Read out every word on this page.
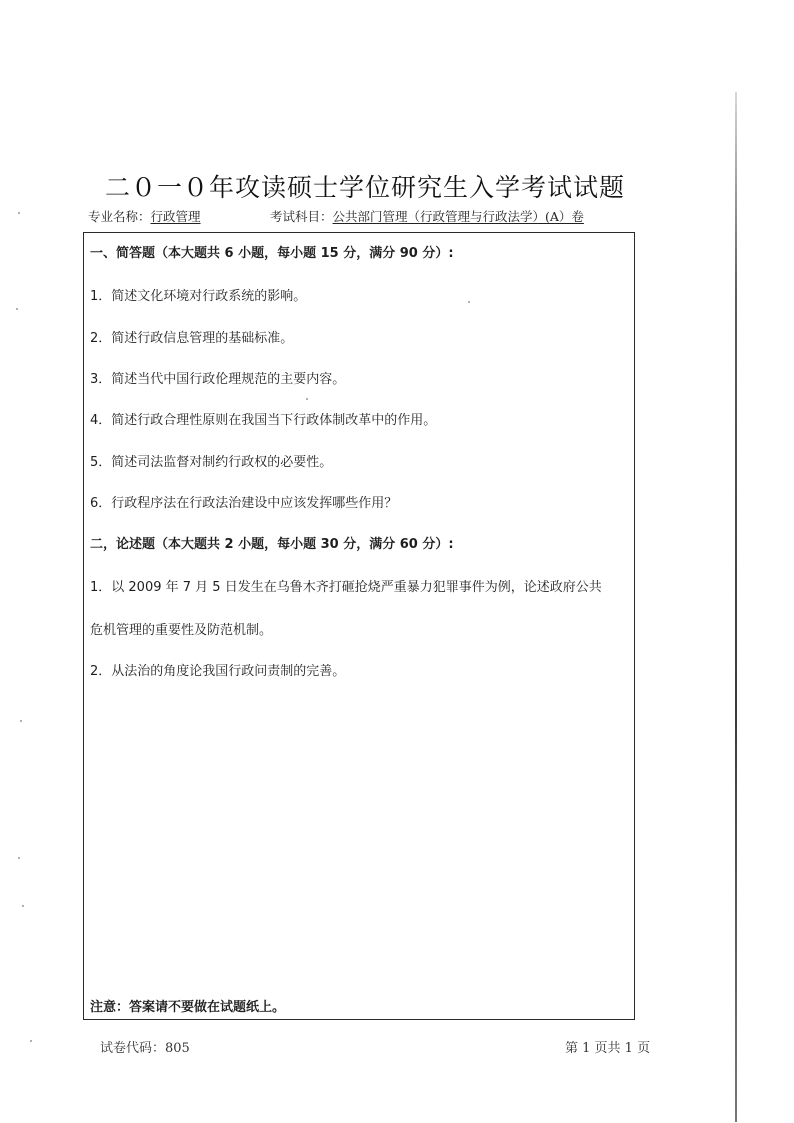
二０一０年攻读硕士学位研究生入学考试试题
专业名称：行政管理	考试科目：公共部门管理（行政管理与行政法学）(A）卷
一、简答题（本大题共 6 小题，每小题 15 分，满分 90 分）:
1．简述文化环境对行政系统的影响。
2．简述行政信息管理的基础标准。
3．简述当代中国行政伦理规范的主要内容。
4．简述行政合理性原则在我国当下行政体制改革中的作用。
5．简述司法监督对制约行政权的必要性。
6．行政程序法在行政法治建设中应该发挥哪些作用？
二，论述题（本大题共 2 小题，每小题 30 分，满分 60 分）:
1．以 2009 年 7 月 5 日发生在乌鲁木齐打砸抢烧严重暴力犯罪事件为例，论述政府公共
危机管理的重要性及防范机制。
2．从法治的角度论我国行政问责制的完善。
注意：答案请不要做在试题纸上。
试卷代码：805	第 1 页共 1 页
